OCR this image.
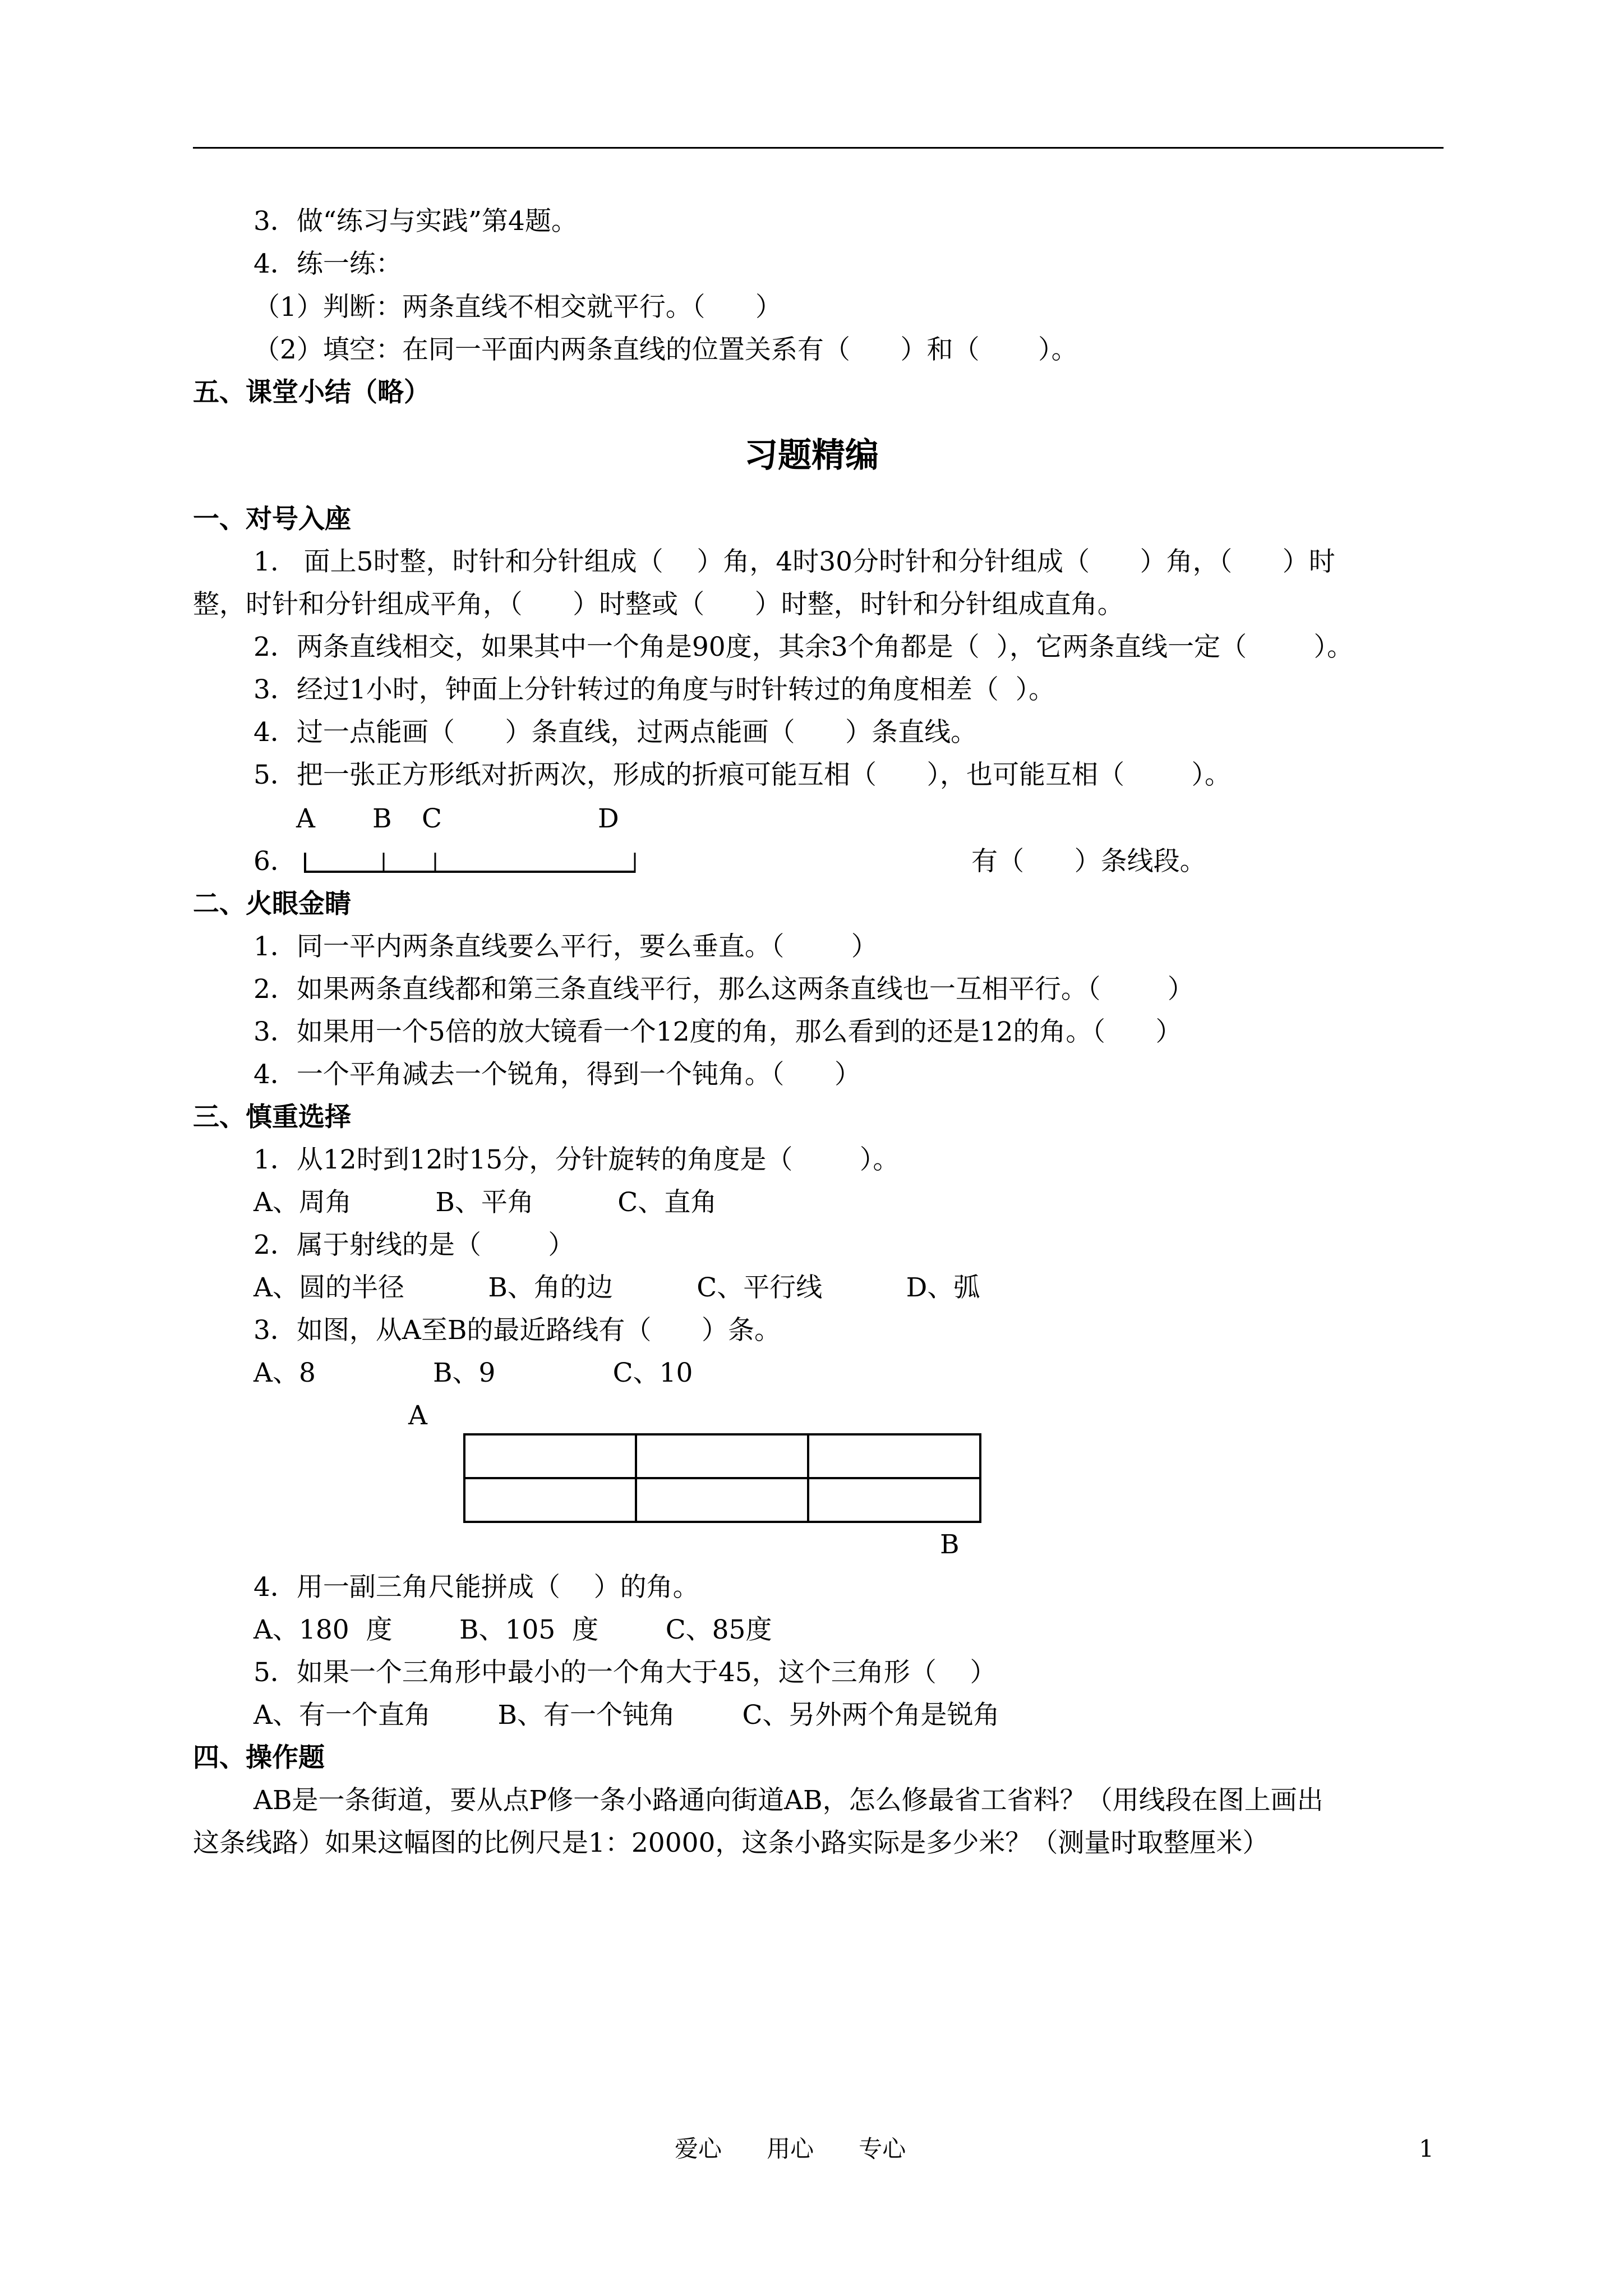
3．做“练习与实践”第4题。
4．练一练：
（1）判断：两条直线不相交就平行。（      ）
（2）填空：在同一平面内两条直线的位置关系有（      ）和（       ）。
五、课堂小结（略）
习题精编
一、对号入座
1.   面上5时整，时针和分针组成（    ）角，4时30分时针和分针组成（      ）角，（      ）时
整，时针和分针组成平角，（      ）时整或（      ）时整，时针和分针组成直角。
2．两条直线相交，如果其中一个角是90度，其余3个角都是（  ），它两条直线一定（        ）。
3．经过1小时，钟面上分针转过的角度与时针转过的角度相差（  ）。
4．过一点能画（      ）条直线，过两点能画（      ）条直线。
5．把一张正方形纸对折两次，形成的折痕可能互相（      ），也可能互相（        ）。
A B C	D
6．	有（      ）条线段。
二、火眼金睛
1．同一平内两条直线要么平行，要么垂直。（        ）
2．如果两条直线都和第三条直线平行，那么这两条直线也一互相平行。（        ）
3．如果用一个5倍的放大镜看一个12度的角，那么看到的还是12的角。（      ）
4．一个平角减去一个锐角，得到一个钝角。（      ）
三、慎重选择
1．从12时到12时15分，分针旋转的角度是（        ）。
A、周角          B、平角          C、直角
2．属于射线的是（        ）
A、圆的半径          B、角的边          C、平行线          D、弧
3．如图，从A至B的最近路线有（      ）条。
A、8              B、9              C、10
A
B
4．用一副三角尺能拼成（    ）的角。
A、180  度        B、105  度        C、85度
5．如果一个三角形中最小的一个角大于45，这个三角形（    ）
A、有一个直角        B、有一个钝角        C、另外两个角是锐角
四、操作题
AB是一条街道，要从点P修一条小路通向街道AB，怎么修最省工省料？（用线段在图上画出
这条线路）如果这幅图的比例尺是1：20000，这条小路实际是多少米？（测量时取整厘米）
爱心      用心      专心	1
